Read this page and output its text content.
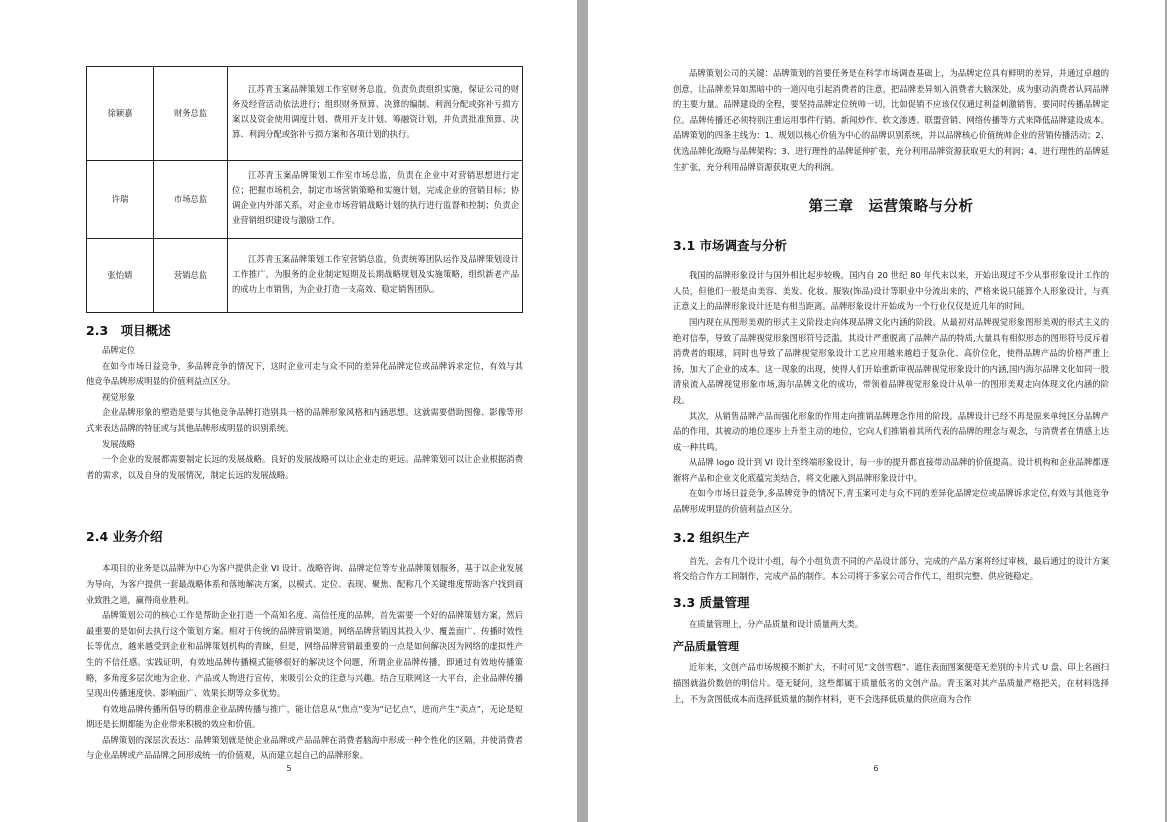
徐颖嘉	财务总监	江苏青玉案品牌策划工作室财务总监，负责负责组织实施，保证公司的财务及经营活动依法进行；组织财务预算、决算的编制、利润分配或弥补亏损方案以及资金使用调度计划、费用开支计划、筹融资计划，并负责批准预算、决算、利润分配或弥补亏损方案和各项计划的执行。

许瑞	市场总监	江苏青玉案品牌策划工作室市场总监，负责在企业中对营销思想进行定位；把握市场机会，制定市场营销策略和实施计划，完成企业的营销目标；协调企业内外部关系，对企业市场营销战略计划的执行进行监督和控制；负责企业营销组织建设与激励工作。

张怡婧	营销总监	江苏青玉案品牌策划工作室营销总监，负责统筹团队运作及品牌策划设计工作推广，为服务的企业制定短期及长期战略规划及实施策略，组织新老产品的成功上市销售，为企业打造一支高效、稳定销售团队。
2.3　项目概述

品牌定位

在如今市场日益竞争，多品牌竞争的情况下，这时企业可走与众不同的差异化品牌定位或品牌诉求定位，有效与其他竞争品牌形成明显的价值利益点区分。

视觉形象

企业品牌形象的塑造是要与其他竞争品牌打造别具一格的品牌形象风格和内涵思想。这就需要借助图像、影像等形式来表达品牌的特征或与其他品牌形成明显的识别系统。

发展战略

一个企业的发展都需要制定长远的发展战略。良好的发展战略可以让企业走的更远。品牌策划可以让企业根据消费者的需求，以及自身的发展情况，制定长远的发展战略。

2.4 业务介绍

本项目的业务是以品牌为中心为客户提供企业 VI 设计、战略咨询、品牌定位等专业品牌策划服务，基于以企业发展为导向，为客户提供一套最战略体系和落地解决方案，以模式、定位、表现、聚焦、配称几个关键维度帮助客户找到商业致胜之道，赢得商业胜利。

品牌策划公司的核心工作是帮助企业打造一个高知名度、高信任度的品牌，首先需要一个好的品牌策划方案，然后最重要的是如何去执行这个策划方案。相对于传统的品牌营销渠道，网络品牌营销因其投入少、覆盖面广、传播时效性长等优点，越来越受到企业和品牌策划机构的青睐，但是，网络品牌营销最重要的一点是如何解决因为网络的虚拟性产生的不信任感。实践证明，有效地品牌传播模式能够很好的解决这个问题，所谓企业品牌传播，即通过有效地传播策略，多角度多层次地为企业、产品或人物进行宣传，来吸引公众的注意与兴趣。结合互联网这一大平台，企业品牌传播呈现出传播速度快、影响面广、效果长期等众多优势。

有效地品牌传播所倡导的精准企业品牌传播与推广，能让信息从“焦点”变为“记忆点”，进而产生“卖点”，无论是短期还是长期都能为企业带来积极的效应和价值。

品牌策划的深层次表达：品牌策划就是使企业品牌或产品品牌在消费者脑海中形成一种个性化的区隔，并使消费者与企业品牌或产品品牌之间形成统一的价值观，从而建立起自己的品牌形象。

5

品牌策划公司的关键：品牌策划的首要任务是在科学市场调查基础上，为品牌定位具有鲜明的差异，并通过卓越的创意，让品牌差异如黑暗中的一道闪电引起消费者的注意，把品牌差异刻入消费者大脑深处，成为驱动消费者认同品牌的主要力量。品牌建设的全程，要坚持品牌定位统帅一切，比如促销不应该仅仅通过利益刺激销售，要同时传播品牌定位。品牌传播还必须特别注重运用事件行销、新闻炒作、软文渗透、联盟营销、网络传播等方式来降低品牌建设成本。品牌策划的四条主线为：1、规划以核心价值为中心的品牌识别系统，并以品牌核心价值统帅企业的营销传播活动；2、优选品牌化战略与品牌架构；3、进行理性的品牌延伸扩张，充分利用品牌资源获取更大的利润；4、进行理性的品牌延生扩张，充分利用品牌资源获取更大的利润。

第三章　运营策略与分析
3.1 市场调查与分析

我国的品牌形象设计与国外相比起步较晚，国内自 20 世纪 80 年代末以来，开始出现过不少从事形象设计工作的人员，但他们一般是由美容、美发、化妆、服装(饰品)设计等职业中分流出来的，严格来说只能算个人形象设计，与真正意义上的品牌形象设计还是有相当距离。品牌形象设计开始成为一个行业仅仅是近几年的时间。

国内现在从图形美观的形式主义阶段走向体现品牌文化内涵的阶段。从最初对品牌视觉形象图形美观的形式主义的绝对信奉，导致了品牌视觉形象图形符号泛滥，其设计严重脱离了品牌产品的特质,大量具有相似形态的图形符号反斥着消费者的眼球，同时也导致了品牌视觉形象设计工艺应用越来越趋于复杂化、高价位化，使得品牌产品的价格严重上扬，加大了企业的成本。这一现象的出现，使得人们开始重新审视品牌视觉形象设计的内涵,国内海尔品牌文化如同一股清泉流入品牌视觉形象市场,海尔品牌文化的成功，带领着品牌视觉形象设计从单一的图形美观走向体现文化内涵的阶段。

其次，从销售品牌产品而强化形象的作用走向推销品牌理念作用的阶段。品牌设计已经不再是原来单纯区分品牌产品的作用，其被动的地位逐步上升至主动的地位，它向人们推销着其所代表的品牌的理念与观念，与消费者在情感上达成一种共鸣。

从品牌 logo 设计到 VI 设计至终端形象设计，每一步的提升都直接带动品牌的价值提高。设计机构和企业品牌都逐渐将产品和企业文化底蕴完美结合，将文化融入到品牌形象设计中。

在如今市场日益竞争,多品牌竞争的情况下,青玉案可走与众不同的差异化品牌定位或品牌诉求定位,有效与其他竞争品牌形成明显的价值利益点区分。

3.2 组织生产

首先，会有几个设计小组，每个小组负责不同的产品设计部分，完成的产品方案将经过审核，最后通过的设计方案将交给合作方工间制作，完成产品的制作。本公司将于多家公司合作代工，组织完整、供应链稳定。

3.3 质量管理

在质量管理上，分产品质量和设计质量两大类。

产品质量管理

近年来，文创产品市场规模不断扩大，不时可见“文创雪糕”、遮住表面图案便毫无差别的卡片式 U 盘、印上名画扫描图就溢价数倍的明信片。毫无疑问，这些都属于质量低劣的文创产品。青玉案对其产品质量严格把关，在材料选择上，不为贪图低成本而选择低质量的制作材料，更不会选择低质量的供应商为合作

6
